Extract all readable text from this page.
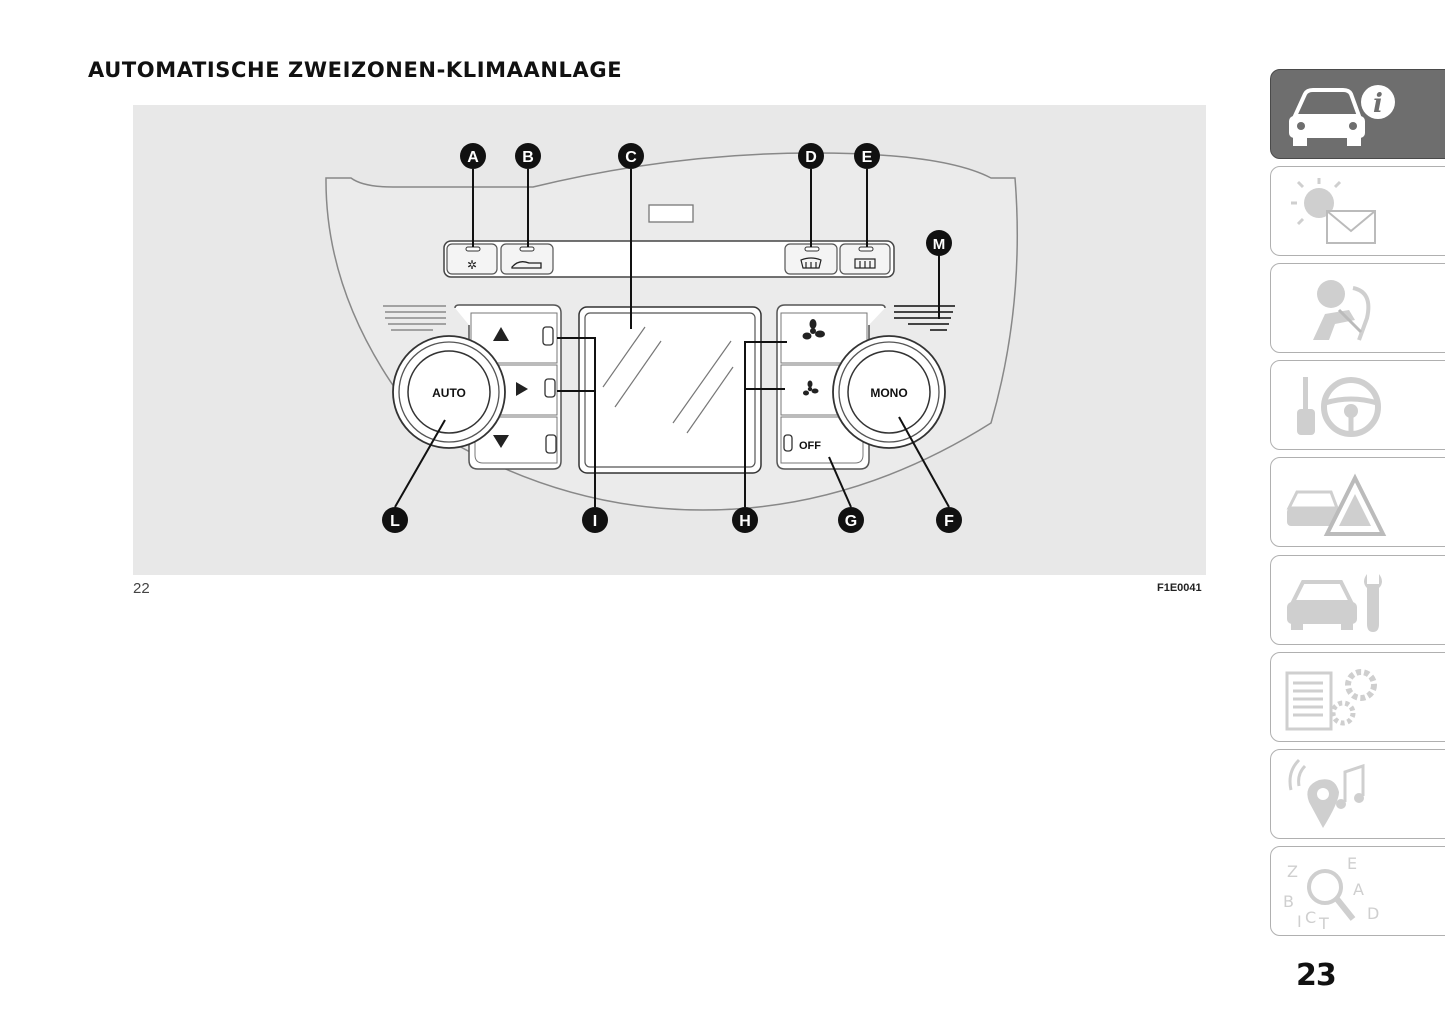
AUTOMATISCHE ZWEIZONEN-KLIMAANLAGE
✲
OFF
AUTO	MONO
A	B	C	D	E
M
L	I	H	G	F
22	F1E0041
i
Z	E
A
B
D
I C T
23
